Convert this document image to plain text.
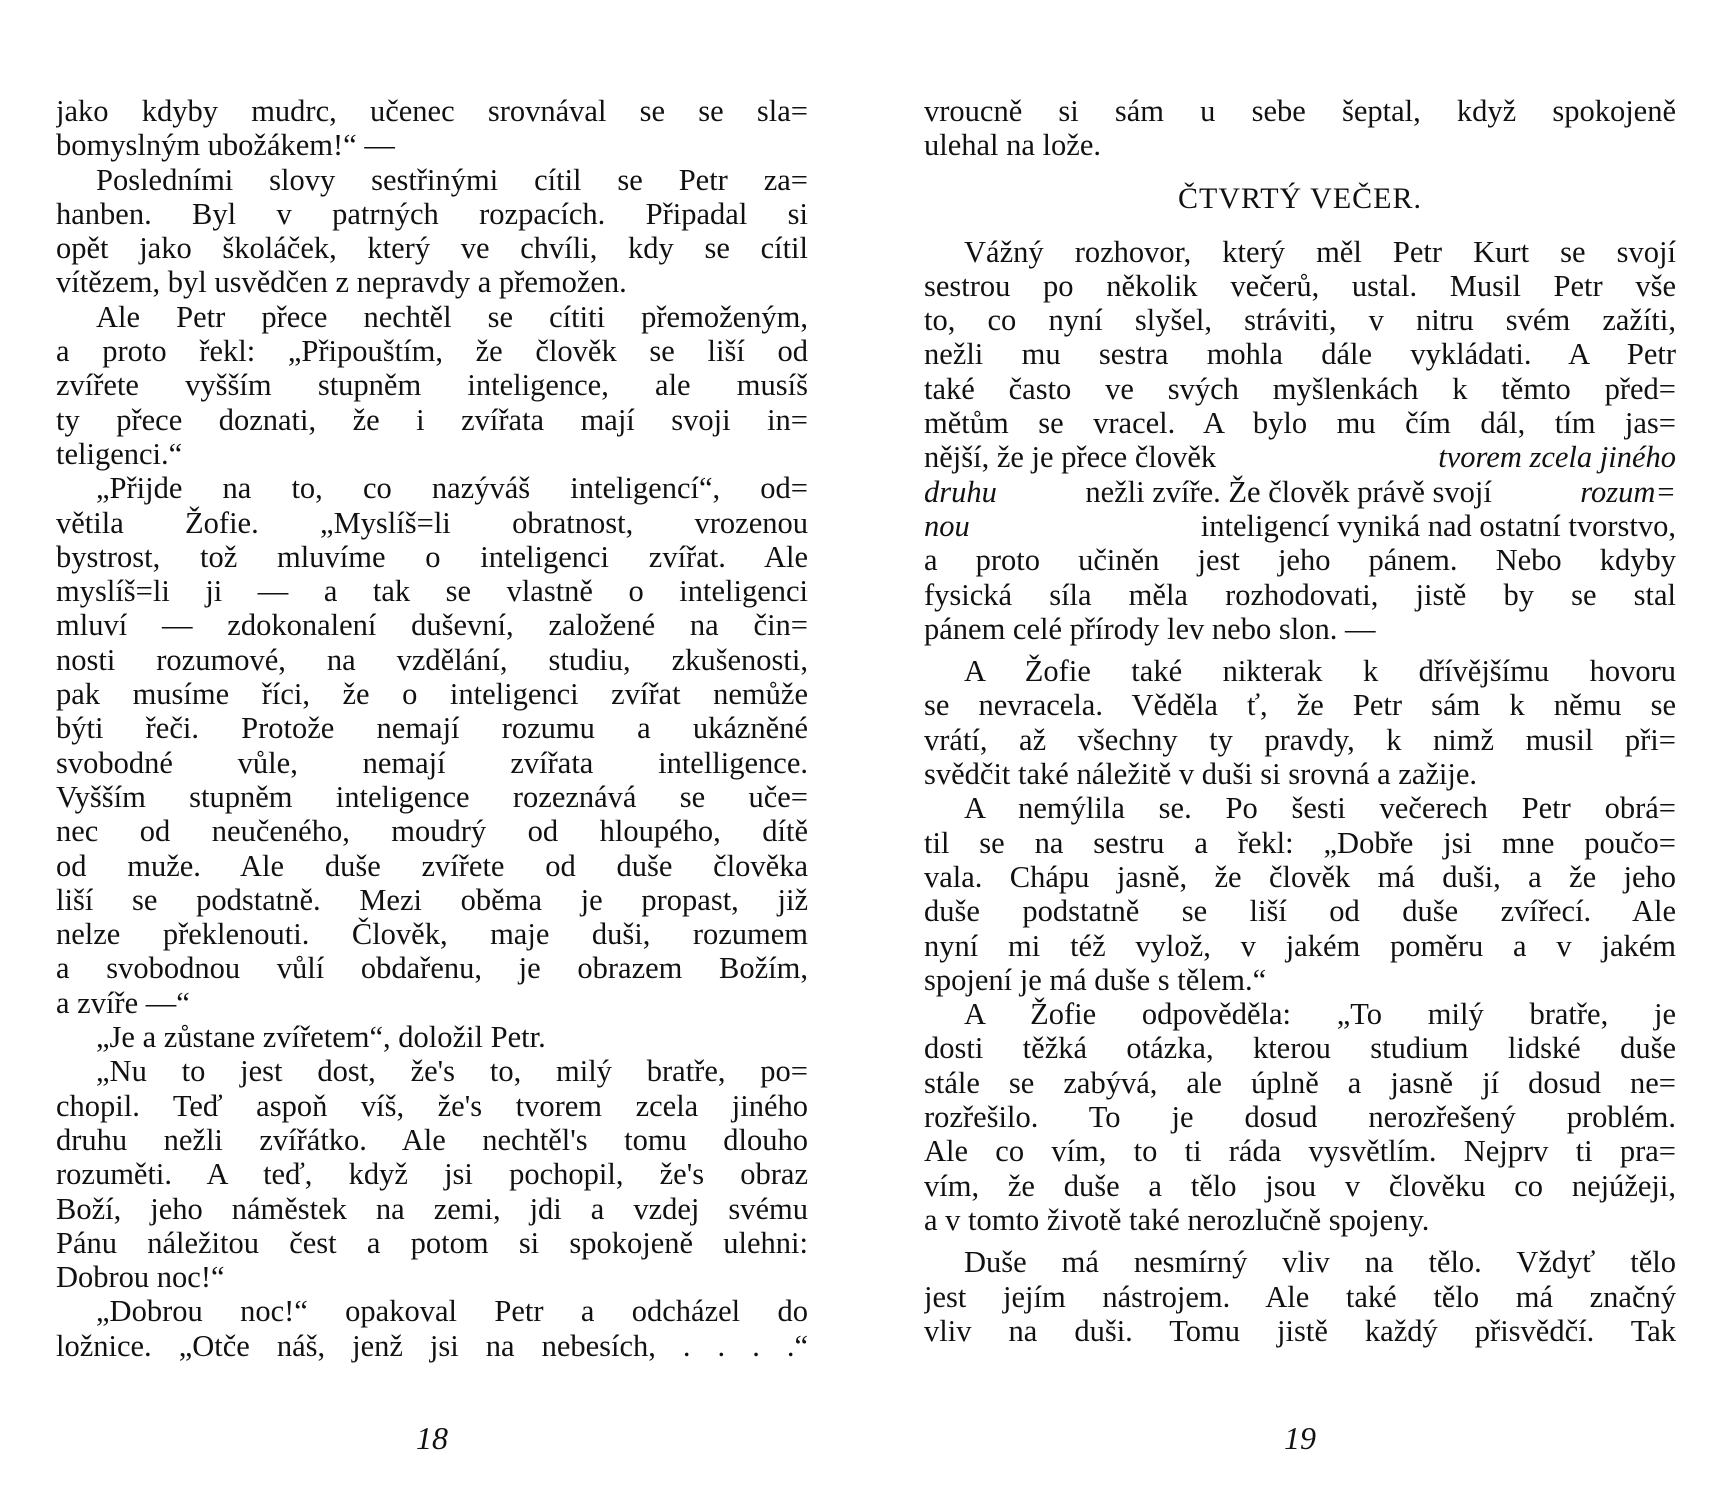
jako kdyby mudrc, učenec srovnával se se sla=
bomyslným ubožákem!“ —
Posledními slovy sestřinými cítil se Petr za=
hanben. Byl v patrných rozpacích. Připadal si
opět jako školáček, který ve chvíli, kdy se cítil
vítězem, byl usvědčen z nepravdy a přemožen.
Ale Petr přece nechtěl se cítiti přemoženým,
a proto řekl: „Připouštím, že člověk se liší od
zvířete vyšším stupněm inteligence, ale musíš
ty přece doznati, že i zvířata mají svoji in=
teligenci.“
„Přijde na to, co nazýváš inteligencí“, od=
větila Žofie. „Myslíš=li obratnost, vrozenou
bystrost, tož mluvíme o inteligenci zvířat. Ale
myslíš=li ji — a tak se vlastně o inteligenci
mluví — zdokonalení duševní, založené na čin=
nosti rozumové, na vzdělání, studiu, zkušenosti,
pak musíme říci, že o inteligenci zvířat nemůže
býti řeči. Protože nemají rozumu a ukázněné
svobodné vůle, nemají zvířata intelligence.
Vyšším stupněm inteligence rozeznává se uče=
nec od neučeného, moudrý od hloupého, dítě
od muže. Ale duše zvířete od duše člověka
liší se podstatně. Mezi oběma je propast, již
nelze překlenouti. Člověk, maje duši, rozumem
a svobodnou vůlí obdařenu, je obrazem Božím,
a zvíře —“
„Je a zůstane zvířetem“, doložil Petr.
„Nu to jest dost, že's to, milý bratře, po=
chopil. Teď aspoň víš, že's tvorem zcela jiného
druhu nežli zvířátko. Ale nechtěl's tomu dlouho
rozuměti. A teď, když jsi pochopil, že's obraz
Boží, jeho náměstek na zemi, jdi a vzdej svému
Pánu náležitou čest a potom si spokojeně ulehni:
Dobrou noc!“
„Dobrou noc!“ opakoval Petr a odcházel do
ložnice. „Otče náš, jenž jsi na nebesích, . . . .“
18
vroucně si sám u sebe šeptal, když spokojeně
ulehal na lože.
ČTVRTÝ VEČER.
Vážný rozhovor, který měl Petr Kurt se svojí
sestrou po několik večerů, ustal. Musil Petr vše
to, co nyní slyšel, stráviti, v nitru svém zažíti,
nežli mu sestra mohla dále vykládati. A Petr
také často ve svých myšlenkách k těmto před=
mětům se vracel. A bylo mu čím dál, tím jas=
nější, že je přece člověk	tvorem zcela jiného
druhu	nežli zvíře. Že člověk právě svojí	rozum=
nou	inteligencí vyniká nad ostatní tvorstvo,
a proto učiněn jest jeho pánem. Nebo kdyby
fysická síla měla rozhodovati, jistě by se stal
pánem celé přírody lev nebo slon. —
A Žofie také nikterak k dřívějšímu hovoru
se nevracela. Věděla ť, že Petr sám k němu se
vrátí, až všechny ty pravdy, k nimž musil při=
svědčit také náležitě v duši si srovná a zažije.
A nemýlila se. Po šesti večerech Petr obrá=
til se na sestru a řekl: „Dobře jsi mne poučo=
vala. Chápu jasně, že člověk má duši, a že jeho
duše podstatně se liší od duše zvířecí. Ale
nyní mi též vylož, v jakém poměru a v jakém
spojení je má duše s tělem.“
A Žofie odpověděla: „To milý bratře, je
dosti těžká otázka, kterou studium lidské duše
stále se zabývá, ale úplně a jasně jí dosud ne=
rozřešilo. To je dosud nerozřešený problém.
Ale co vím, to ti ráda vysvětlím. Nejprv ti pra=
vím, že duše a tělo jsou v člověku co nejúžeji,
a v tomto životě také nerozlučně spojeny.
Duše má nesmírný vliv na tělo. Vždyť tělo
jest jejím nástrojem. Ale také tělo má značný
vliv na duši. Tomu jistě každý přisvědčí. Tak
19
